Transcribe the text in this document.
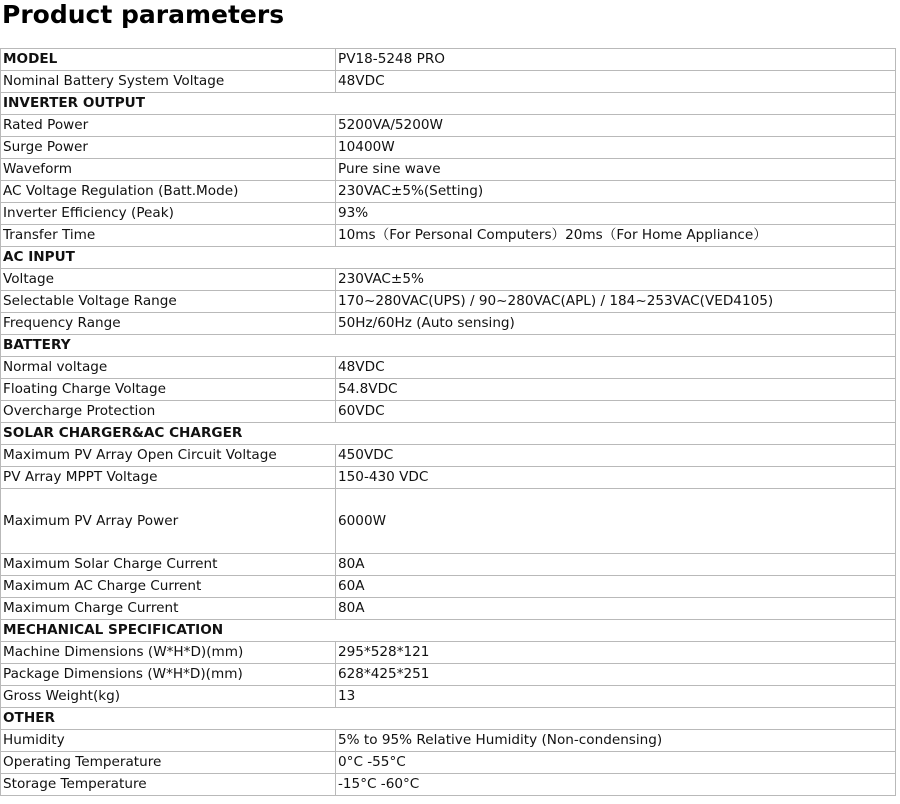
Product parameters
MODEL	PV18-5248 PRO
Nominal Battery System Voltage	48VDC
INVERTER OUTPUT	
Rated Power	5200VA/5200W
Surge Power	10400W
Waveform	Pure sine wave
AC Voltage Regulation (Batt.Mode)	230VAC±5%(Setting)
Inverter Efficiency (Peak)	93%
Transfer Time	10ms（For Personal Computers）20ms（For Home Appliance）
AC INPUT	
Voltage	230VAC±5%
Selectable Voltage Range	170~280VAC(UPS) / 90~280VAC(APL) / 184~253VAC(VED4105)
Frequency Range	50Hz/60Hz (Auto sensing)
BATTERY	
Normal voltage	48VDC
Floating Charge Voltage	54.8VDC
Overcharge Protection	60VDC
SOLAR CHARGER&AC CHARGER	
Maximum PV Array Open Circuit Voltage	450VDC
PV Array MPPT Voltage	150-430 VDC
Maximum PV Array Power	6000W
Maximum Solar Charge Current	80A
Maximum AC Charge Current	60A
Maximum Charge Current	80A
MECHANICAL SPECIFICATION	
Machine Dimensions (W*H*D)(mm)	295*528*121
Package Dimensions (W*H*D)(mm)	628*425*251
Gross Weight(kg)	13
OTHER	
Humidity	5% to 95% Relative Humidity (Non-condensing)
Operating Temperature	0°C -55°C
Storage Temperature	-15°C -60°C
